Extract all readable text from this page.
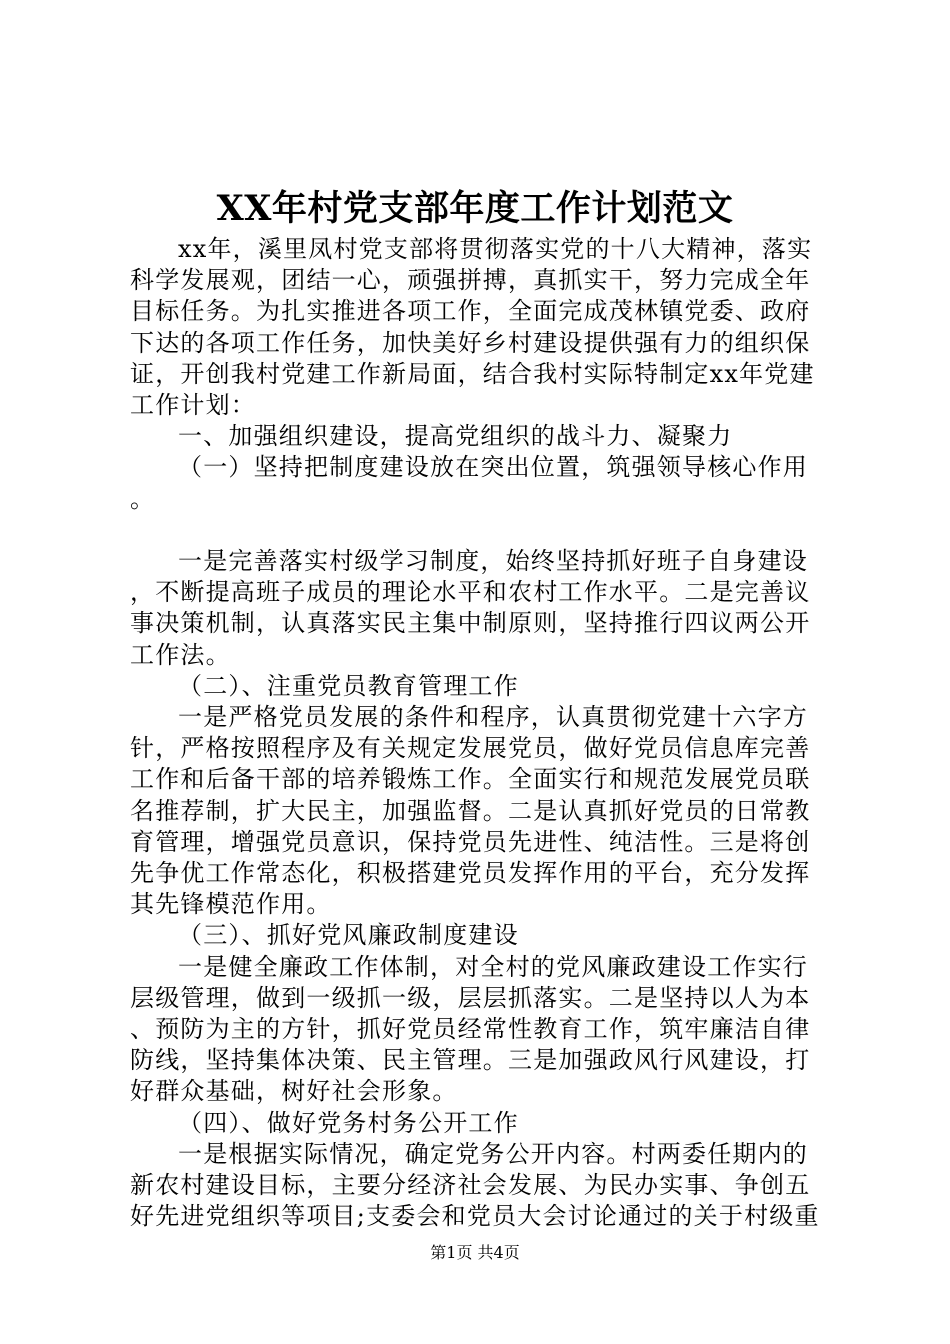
XX年村党支部年度工作计划范文

xx年，溪里凤村党支部将贯彻落实党的十八大精神，落实科学发展观，团结一心，顽强拼搏，真抓实干，努力完成全年目标任务。为扎实推进各项工作，全面完成茂林镇党委、政府下达的各项工作任务，加快美好乡村建设提供强有力的组织保证，开创我村党建工作新局面，结合我村实际特制定xx年党建工作计划：

一、加强组织建设，提高党组织的战斗力、凝聚力

（一）坚持把制度建设放在突出位置，筑强领导核心作用。

一是完善落实村级学习制度，始终坚持抓好班子自身建设，不断提高班子成员的理论水平和农村工作水平。二是完善议事决策机制，认真落实民主集中制原则，坚持推行四议两公开工作法。

（二）、注重党员教育管理工作

一是严格党员发展的条件和程序，认真贯彻党建十六字方针，严格按照程序及有关规定发展党员，做好党员信息库完善工作和后备干部的培养锻炼工作。全面实行和规范发展党员联名推荐制，扩大民主，加强监督。二是认真抓好党员的日常教育管理，增强党员意识，保持党员先进性、纯洁性。三是将创先争优工作常态化，积极搭建党员发挥作用的平台，充分发挥其先锋模范作用。

（三）、抓好党风廉政制度建设

一是健全廉政工作体制，对全村的党风廉政建设工作实行层级管理，做到一级抓一级，层层抓落实。二是坚持以人为本、预防为主的方针，抓好党员经常性教育工作，筑牢廉洁自律防线，坚持集体决策、民主管理。三是加强政风行风建设，打好群众基础，树好社会形象。

（四）、做好党务村务公开工作

一是根据实际情况，确定党务公开内容。村两委任期内的新农村建设目标，主要分经济社会发展、为民办实事、争创五好先进党组织等项目;支委会和党员大会讨论通过的关于村级重

第1页 共4页
